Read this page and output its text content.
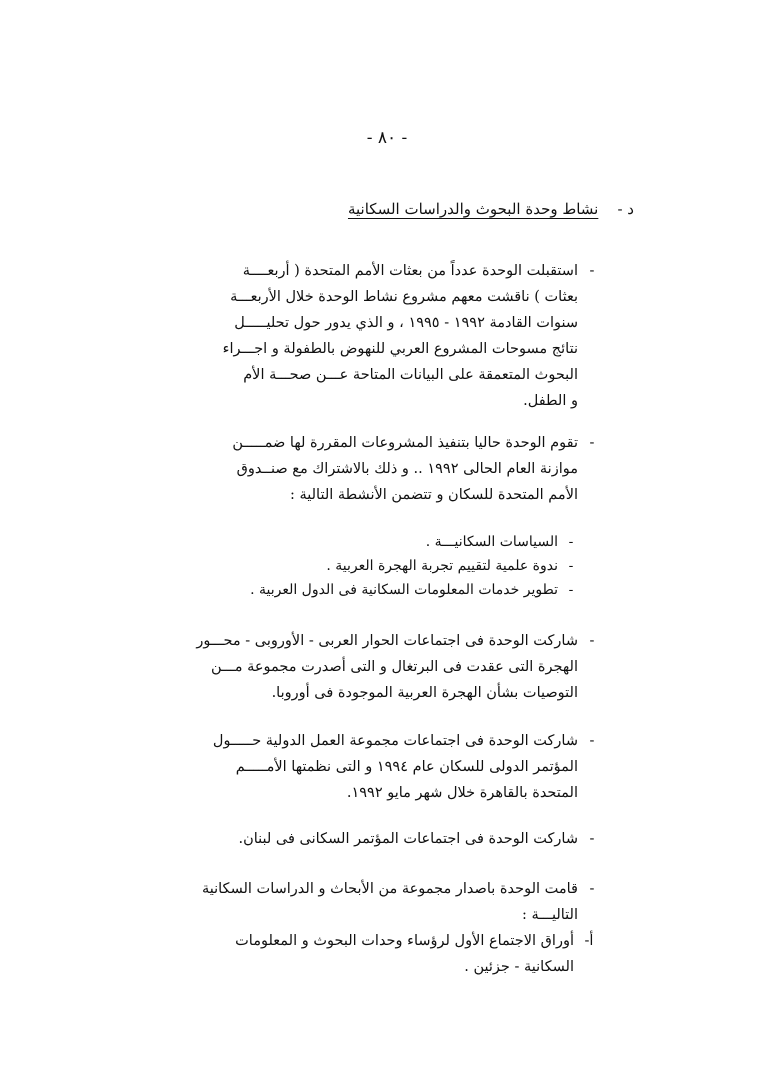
- ٨٠ -
د -    نشاط وحدة البحوث والدراسات السكانية
-
استقبلت الوحدة عدداً من بعثات الأمم المتحدة ( أربعــــة
بعثات ) ناقشت معهم مشروع نشاط الوحدة خلال الأربعـــة
سنوات القادمة ١٩٩٢ - ١٩٩٥ ، و الذي يدور حول تحليـــــل
نتائج مسوحات المشروع العربي للنهوض بالطفولة و اجـــراء
البحوث المتعمقة على البيانات المتاحة عـــن صحـــة الأم
و الطفل.
-
تقوم الوحدة حاليا بتنفيذ المشروعات المقررة لها ضمـــــن
موازنة العام الحالى ١٩٩٢ .. و ذلك بالاشتراك مع صنــدوق
الأمم المتحدة للسكان و تتضمن الأنشطة التالية :
-
السياسات السكانيـــة .
-
ندوة علمية لتقييم تجربة الهجرة العربية .
-
تطوير خدمات المعلومات السكانية فى الدول العربية .
-
شاركت الوحدة فى اجتماعات الحوار العربى - الأوروبى - محـــور
الهجرة التى عقدت فى البرتغال و التى أصدرت مجموعة مـــن
التوصيات بشأن الهجرة العربية الموجودة فى أوروبا.
-
شاركت الوحدة فى اجتماعات مجموعة العمل الدولية حـــــول
المؤتمر الدولى للسكان عام ١٩٩٤ و التى نظمتها الأمـــــم
المتحدة بالقاهرة خلال شهر مايو ١٩٩٢.
-
شاركت الوحدة فى اجتماعات المؤتمر السكانى فى لبنان.
-
قامت الوحدة باصدار مجموعة من الأبحاث و الدراسات السكانية
التاليـــة :
أ-
أوراق الاجتماع الأول لرؤساء وحدات البحوث و المعلومات
السكانية - جزئين .
